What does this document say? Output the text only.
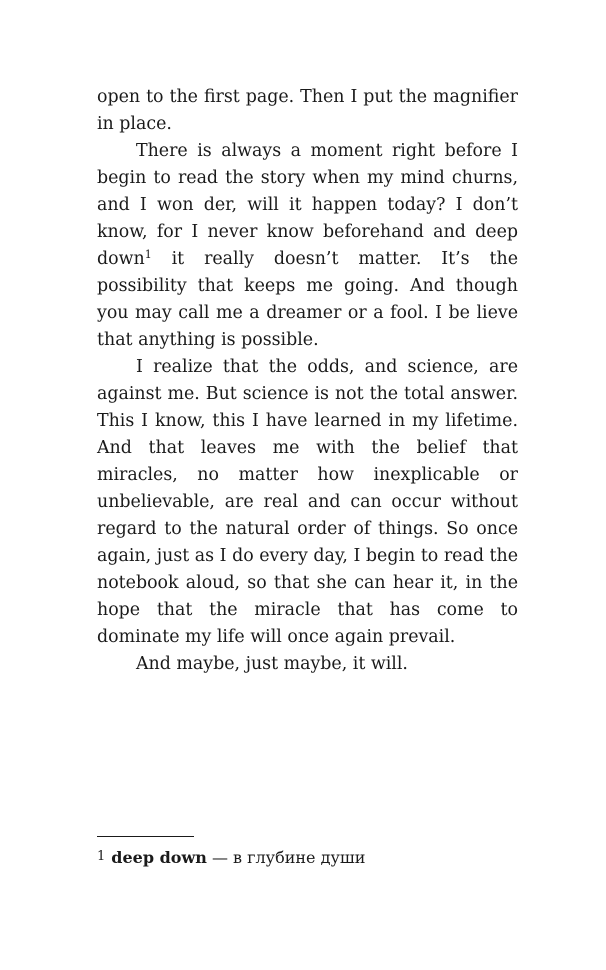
open to the first page. Then I put the magnifier in place.

There is always a moment right before I begin to read the story when my mind churns, and I won der, will it happen today? I don’t know, for I never know beforehand and deep down$^1$ it really doesn’t matter. It’s the possibility that keeps me going. And though you may call me a dreamer or a fool. I be lieve that anything is possible.

I realize that the odds, and science, are against me. But science is not the total answer. This I know, this I have learned in my lifetime. And that leaves me with the belief that miracles, no matter how inexplicable or unbelievable, are real and can occur without regard to the natural order of things. So once again, just as I do every day, I begin to read the notebook aloud, so that she can hear it, in the hope that the miracle that has come to dominate my life will once again prevail.

And maybe, just maybe, it will.

1 deep down — в глубине души
